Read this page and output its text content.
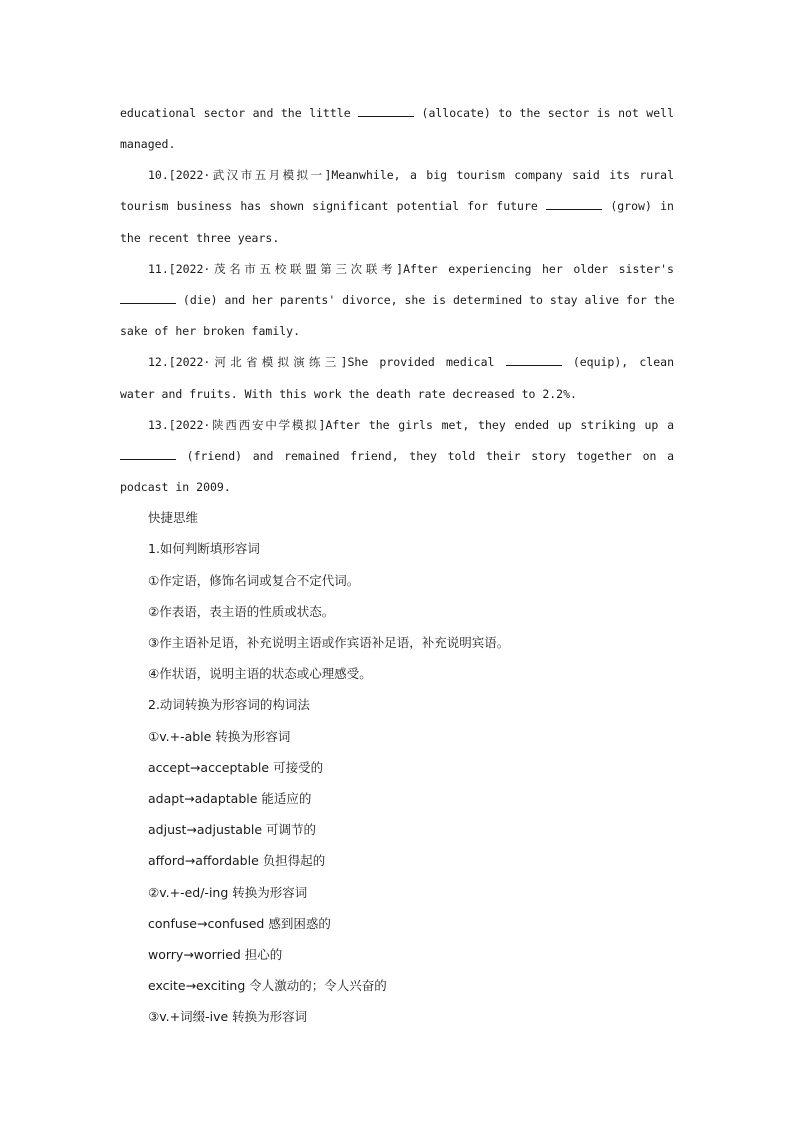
educational sector and the little	(allocate) to the sector is not well
managed.
10.[2022·武汉市五月模拟一]Meanwhile, a big tourism company said its rural
tourism business has shown significant potential for future	(grow) in
the recent three years.
11.[2022·茂名市五校联盟第三次联考]After experiencing her older sister's
(die) and her parents' divorce, she is determined to stay alive for the
sake of her broken family.
12.[2022·河北省模拟演练三]She provided medical	(equip), clean
water and fruits. With this work the death rate decreased to 2.2%.
13.[2022·陕西西安中学模拟]After the girls met, they ended up striking up a
(friend) and remained friend, they told their story together on a
podcast in 2009.
快捷思维
1.如何判断填形容词
①作定语，修饰名词或复合不定代词。
②作表语，表主语的性质或状态。
③作主语补足语，补充说明主语或作宾语补足语，补充说明宾语。
④作状语，说明主语的状态或心理感受。
2.动词转换为形容词的构词法
①v.+-able 转换为形容词
accept→acceptable 可接受的
adapt→adaptable 能适应的
adjust→adjustable 可调节的
afford→affordable 负担得起的
②v.+-ed/-ing 转换为形容词
confuse→confused 感到困惑的
worry→worried 担心的
excite→exciting 令人激动的；令人兴奋的
③v.+词缀-ive 转换为形容词
